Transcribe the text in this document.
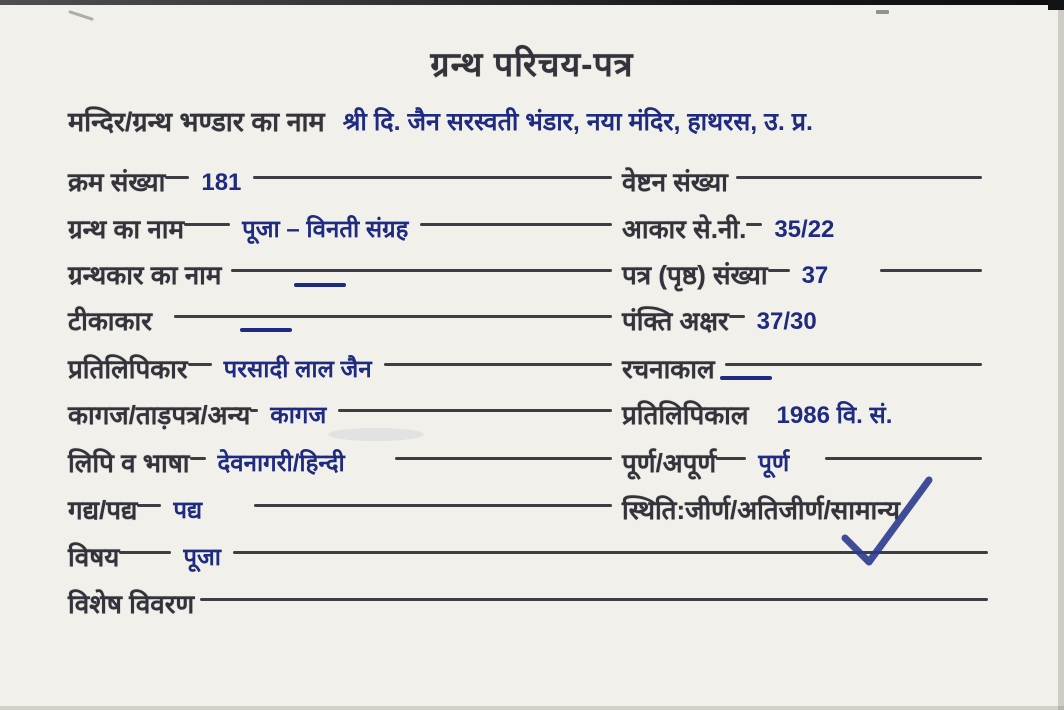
ग्रन्थ परिचय-पत्र
मन्दिर/ग्रन्थ भण्डार का नाम श्री दि. जैन सरस्वती भंडार, नया मंदिर, हाथरस, उ. प्र.
क्रम संख्या 181
ग्रन्थ का नाम पूजा – विनती संग्रह
ग्रन्थकार का नाम
टीकाकार
प्रतिलिपिकार परसादी लाल जैन
कागज/ताड़पत्र/अन्य कागज
लिपि व भाषा देवनागरी/हिन्दी
गद्य/पद्य पद्य
विषय	पूजा
विशेष विवरण
वेष्टन संख्या
आकार से.नी. 35/22
पत्र (पृष्ठ) संख्या 37
पंक्ति अक्षर 37/30
रचनाकाल
प्रतिलिपिकाल 1986 वि. सं.
पूर्ण/अपूर्ण पूर्ण
स्थिति:जीर्ण/अतिजीर्ण/ सामान्य
